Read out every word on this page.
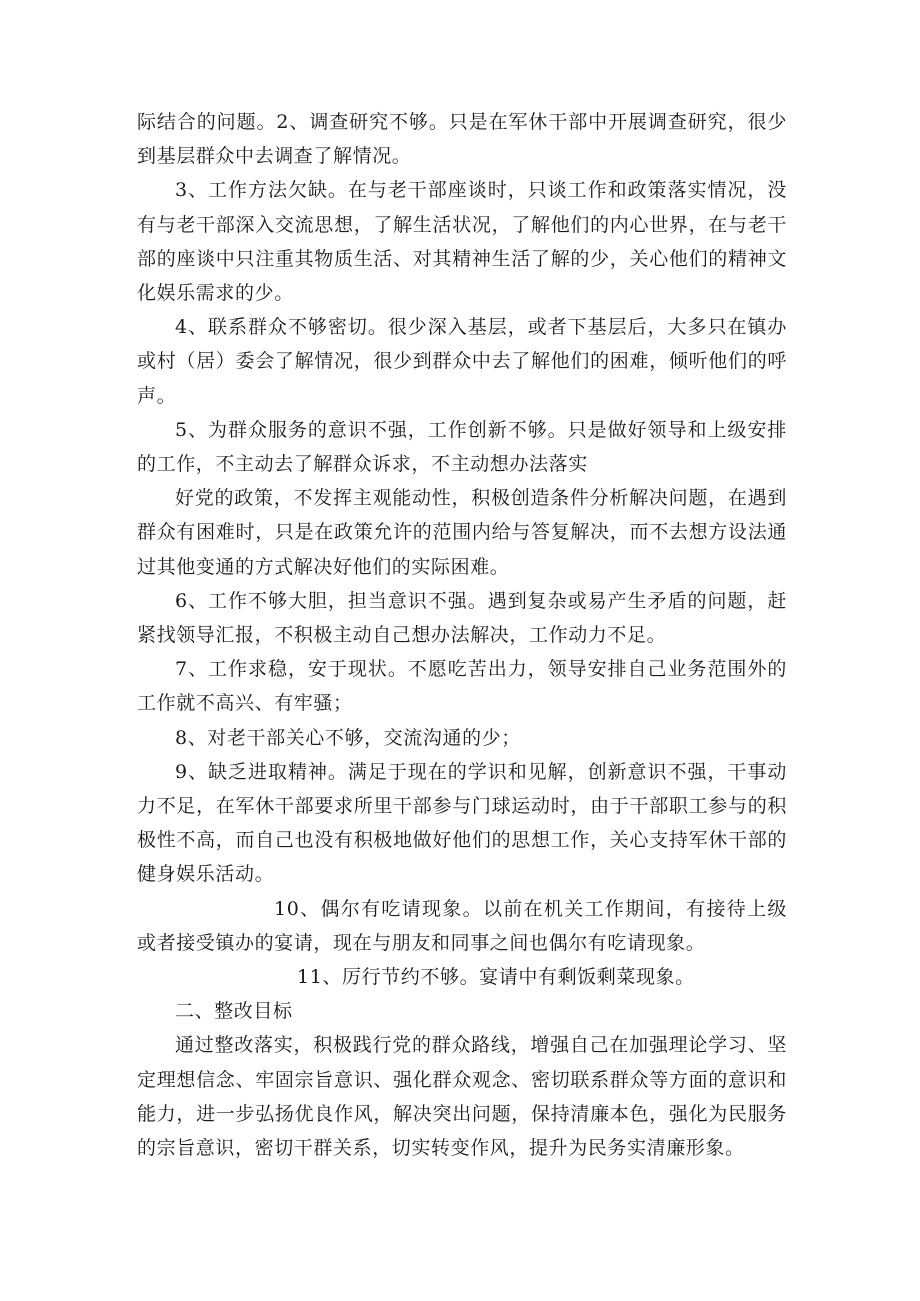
际结合的问题。2、调查研究不够。只是在军休干部中开展调查研究，很少到基层群众中去调查了解情况。

3、工作方法欠缺。在与老干部座谈时，只谈工作和政策落实情况，没有与老干部深入交流思想，了解生活状况，了解他们的内心世界，在与老干部的座谈中只注重其物质生活、对其精神生活了解的少，关心他们的精神文化娱乐需求的少。

4、联系群众不够密切。很少深入基层，或者下基层后，大多只在镇办或村（居）委会了解情况，很少到群众中去了解他们的困难，倾听他们的呼声。

5、为群众服务的意识不强，工作创新不够。只是做好领导和上级安排的工作，不主动去了解群众诉求，不主动想办法落实

好党的政策，不发挥主观能动性，积极创造条件分析解决问题，在遇到群众有困难时，只是在政策允许的范围内给与答复解决，而不去想方设法通过其他变通的方式解决好他们的实际困难。

6、工作不够大胆，担当意识不强。遇到复杂或易产生矛盾的问题，赶紧找领导汇报，不积极主动自己想办法解决，工作动力不足。

7、工作求稳，安于现状。不愿吃苦出力，领导安排自己业务范围外的工作就不高兴、有牢骚；

8、对老干部关心不够，交流沟通的少；

9、缺乏进取精神。满足于现在的学识和见解，创新意识不强，干事动力不足，在军休干部要求所里干部参与门球运动时，由于干部职工参与的积极性不高，而自己也没有积极地做好他们的思想工作，关心支持军休干部的健身娱乐活动。

10、偶尔有吃请现象。以前在机关工作期间，有接待上级或者接受镇办的宴请，现在与朋友和同事之间也偶尔有吃请现象。

11、厉行节约不够。宴请中有剩饭剩菜现象。

二、整改目标

通过整改落实，积极践行党的群众路线，增强自己在加强理论学习、坚定理想信念、牢固宗旨意识、强化群众观念、密切联系群众等方面的意识和能力，进一步弘扬优良作风，解决突出问题，保持清廉本色，强化为民服务的宗旨意识，密切干群关系，切实转变作风，提升为民务实清廉形象。
